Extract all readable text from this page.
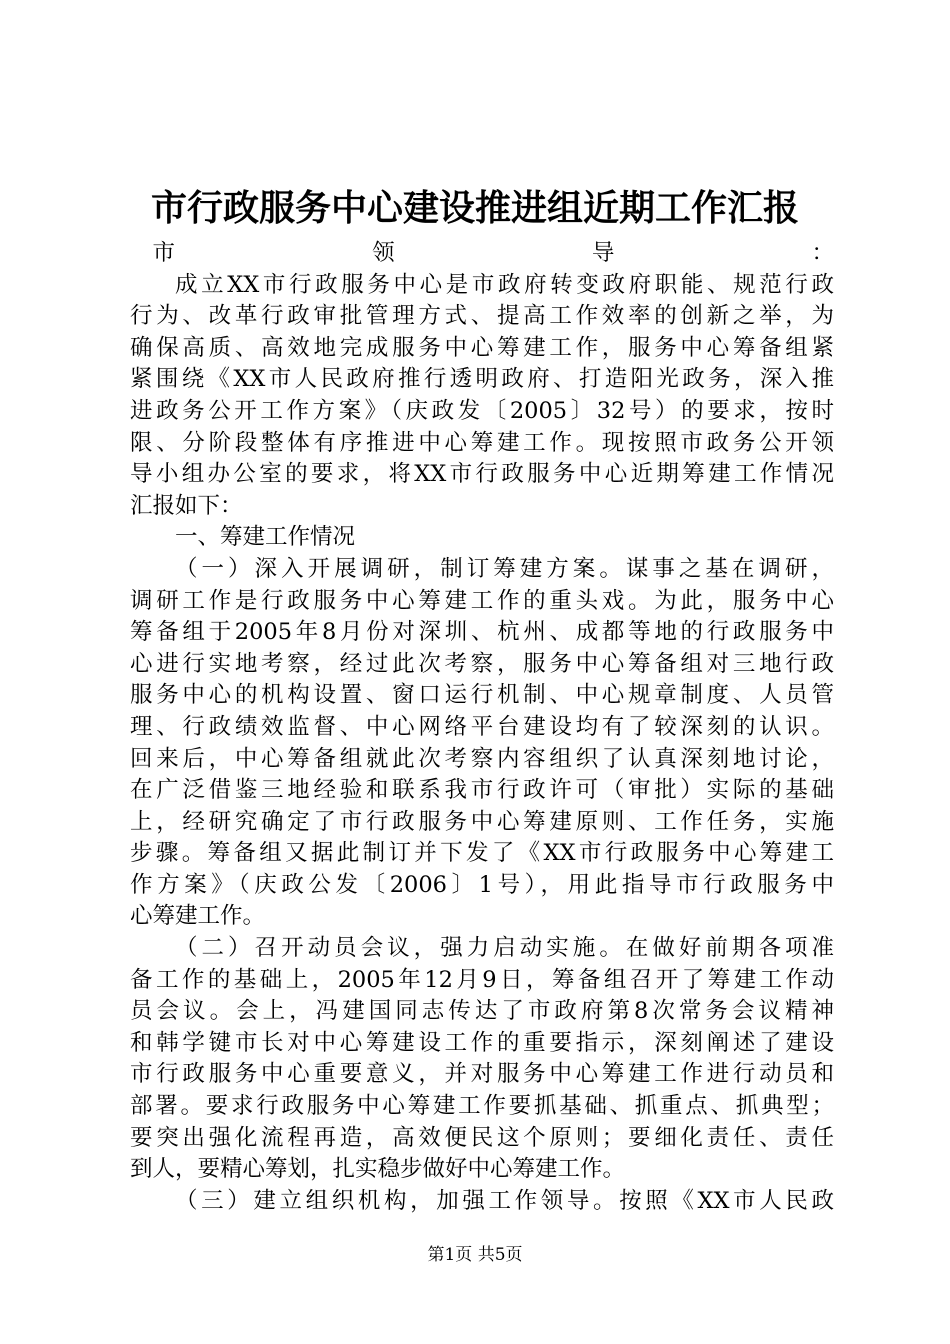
市行政服务中心建设推进组近期工作汇报
市领导：
成立XX市行政服务中心是市政府转变政府职能、规范行政
行为、改革行政审批管理方式、提高工作效率的创新之举，为
确保高质、高效地完成服务中心筹建工作，服务中心筹备组紧
紧围绕《XX市人民政府推行透明政府、打造阳光政务，深入推
进政务公开工作方案》（庆政发〔2005〕32号）的要求，按时
限、分阶段整体有序推进中心筹建工作。现按照市政务公开领
导小组办公室的要求，将XX市行政服务中心近期筹建工作情况
汇报如下：
一、筹建工作情况
（一）深入开展调研，制订筹建方案。谋事之基在调研，
调研工作是行政服务中心筹建工作的重头戏。为此，服务中心
筹备组于2005年8月份对深圳、杭州、成都等地的行政服务中
心进行实地考察，经过此次考察，服务中心筹备组对三地行政
服务中心的机构设置、窗口运行机制、中心规章制度、人员管
理、行政绩效监督、中心网络平台建设均有了较深刻的认识。
回来后，中心筹备组就此次考察内容组织了认真深刻地讨论，
在广泛借鉴三地经验和联系我市行政许可（审批）实际的基础
上，经研究确定了市行政服务中心筹建原则、工作任务，实施
步骤。筹备组又据此制订并下发了《XX市行政服务中心筹建工
作方案》（庆政公发〔2006〕1号），用此指导市行政服务中
心筹建工作。
（二）召开动员会议，强力启动实施。在做好前期各项准
备工作的基础上，2005年12月9日，筹备组召开了筹建工作动
员会议。会上，冯建国同志传达了市政府第8次常务会议精神
和韩学键市长对中心筹建设工作的重要指示，深刻阐述了建设
市行政服务中心重要意义，并对服务中心筹建工作进行动员和
部署。要求行政服务中心筹建工作要抓基础、抓重点、抓典型；
要突出强化流程再造，高效便民这个原则；要细化责任、责任
到人，要精心筹划，扎实稳步做好中心筹建工作。
（三）建立组织机构，加强工作领导。按照《XX市人民政
第1页 共5页
